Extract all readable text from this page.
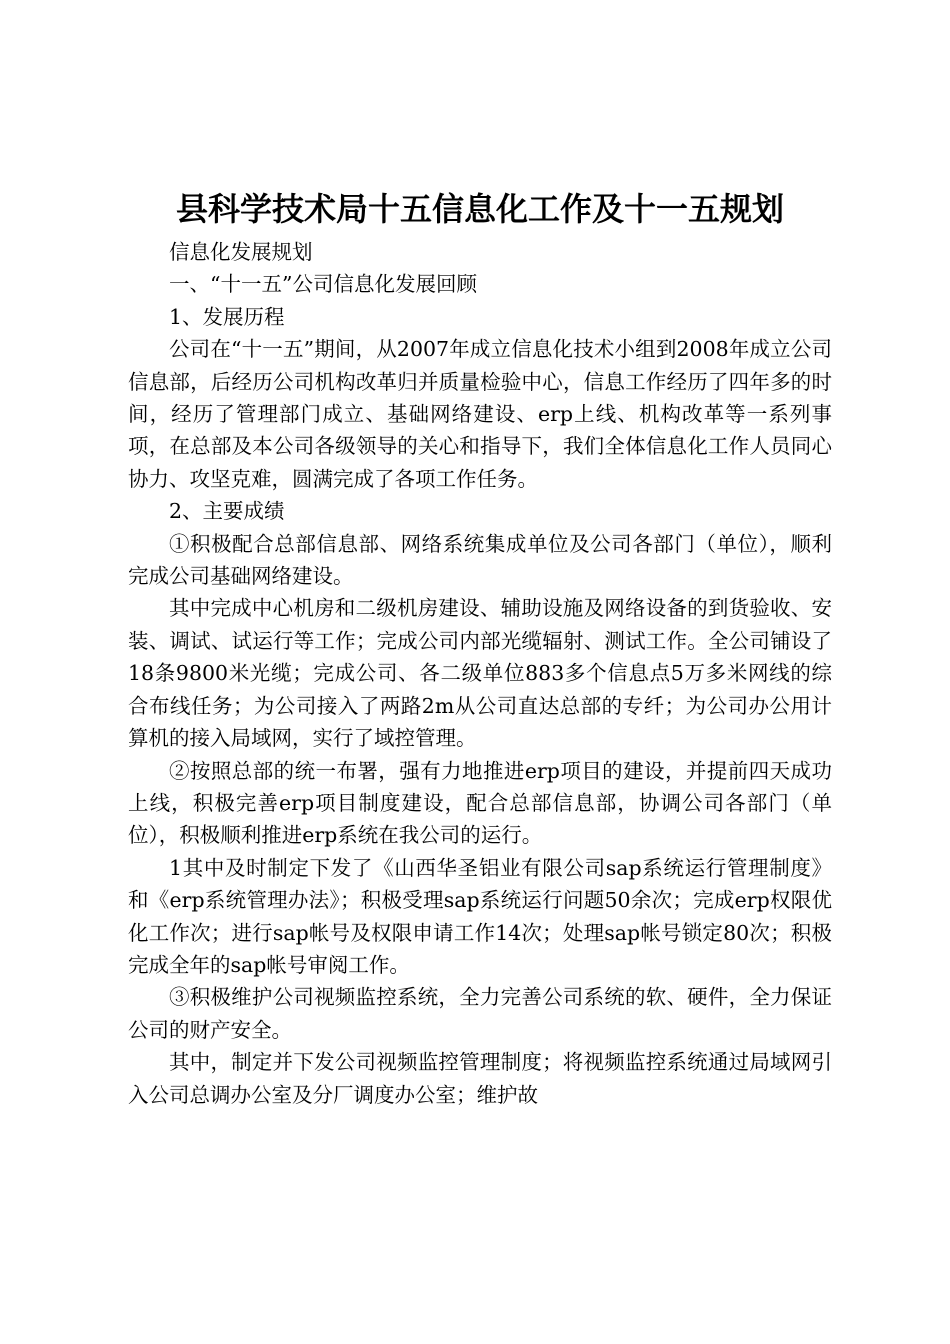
县科学技术局十五信息化工作及十一五规划

信息化发展规划

一、“十一五”公司信息化发展回顾

1、发展历程

公司在“十一五”期间，从2007年成立信息化技术小组到2008年成立公司信息部，后经历公司机构改革归并质量检验中心，信息工作经历了四年多的时间，经历了管理部门成立、基础网络建设、erp上线、机构改革等一系列事项，在总部及本公司各级领导的关心和指导下，我们全体信息化工作人员同心协力、攻坚克难，圆满完成了各项工作任务。

2、主要成绩

①积极配合总部信息部、网络系统集成单位及公司各部门（单位），顺利完成公司基础网络建设。

其中完成中心机房和二级机房建设、辅助设施及网络设备的到货验收、安装、调试、试运行等工作；完成公司内部光缆辐射、测试工作。全公司铺设了18条9800米光缆；完成公司、各二级单位883多个信息点5万多米网线的综合布线任务；为公司接入了两路2m从公司直达总部的专纤；为公司办公用计算机的接入局域网，实行了域控管理。

②按照总部的统一布署，强有力地推进erp项目的建设，并提前四天成功上线，积极完善erp项目制度建设，配合总部信息部，协调公司各部门（单位），积极顺利推进erp系统在我公司的运行。

1其中及时制定下发了《山西华圣铝业有限公司sap系统运行管理制度》和《erp系统管理办法》；积极受理sap系统运行问题50余次；完成erp权限优化工作次；进行sap帐号及权限申请工作14次；处理sap帐号锁定80次；积极完成全年的sap帐号审阅工作。

③积极维护公司视频监控系统，全力完善公司系统的软、硬件，全力保证公司的财产安全。

其中，制定并下发公司视频监控管理制度；将视频监控系统通过局域网引入公司总调办公室及分厂调度办公室；维护故
